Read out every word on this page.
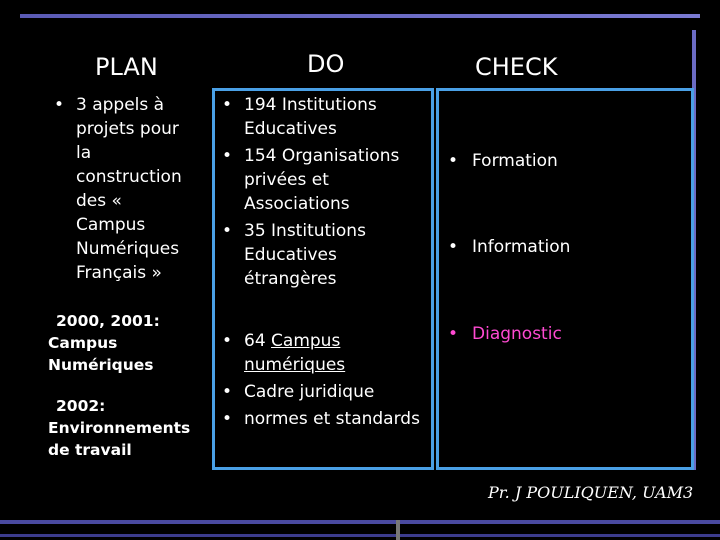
PLAN	DO	CHECK
• 3 appels à
projets pour
la
construction
des «
Campus
Numériques
Français »
2000, 2001:
Campus
Numériques
2002:
Environnements
de travail
• 194 Institutions
Educatives
• 154 Organisations
privées et
Associations
• 35 Institutions
Educatives
étrangères
• 64 Campus
numériques
• Cadre juridique
• normes et standards
• Formation
• Information
• Diagnostic
Pr. J POULIQUEN, UAM3
